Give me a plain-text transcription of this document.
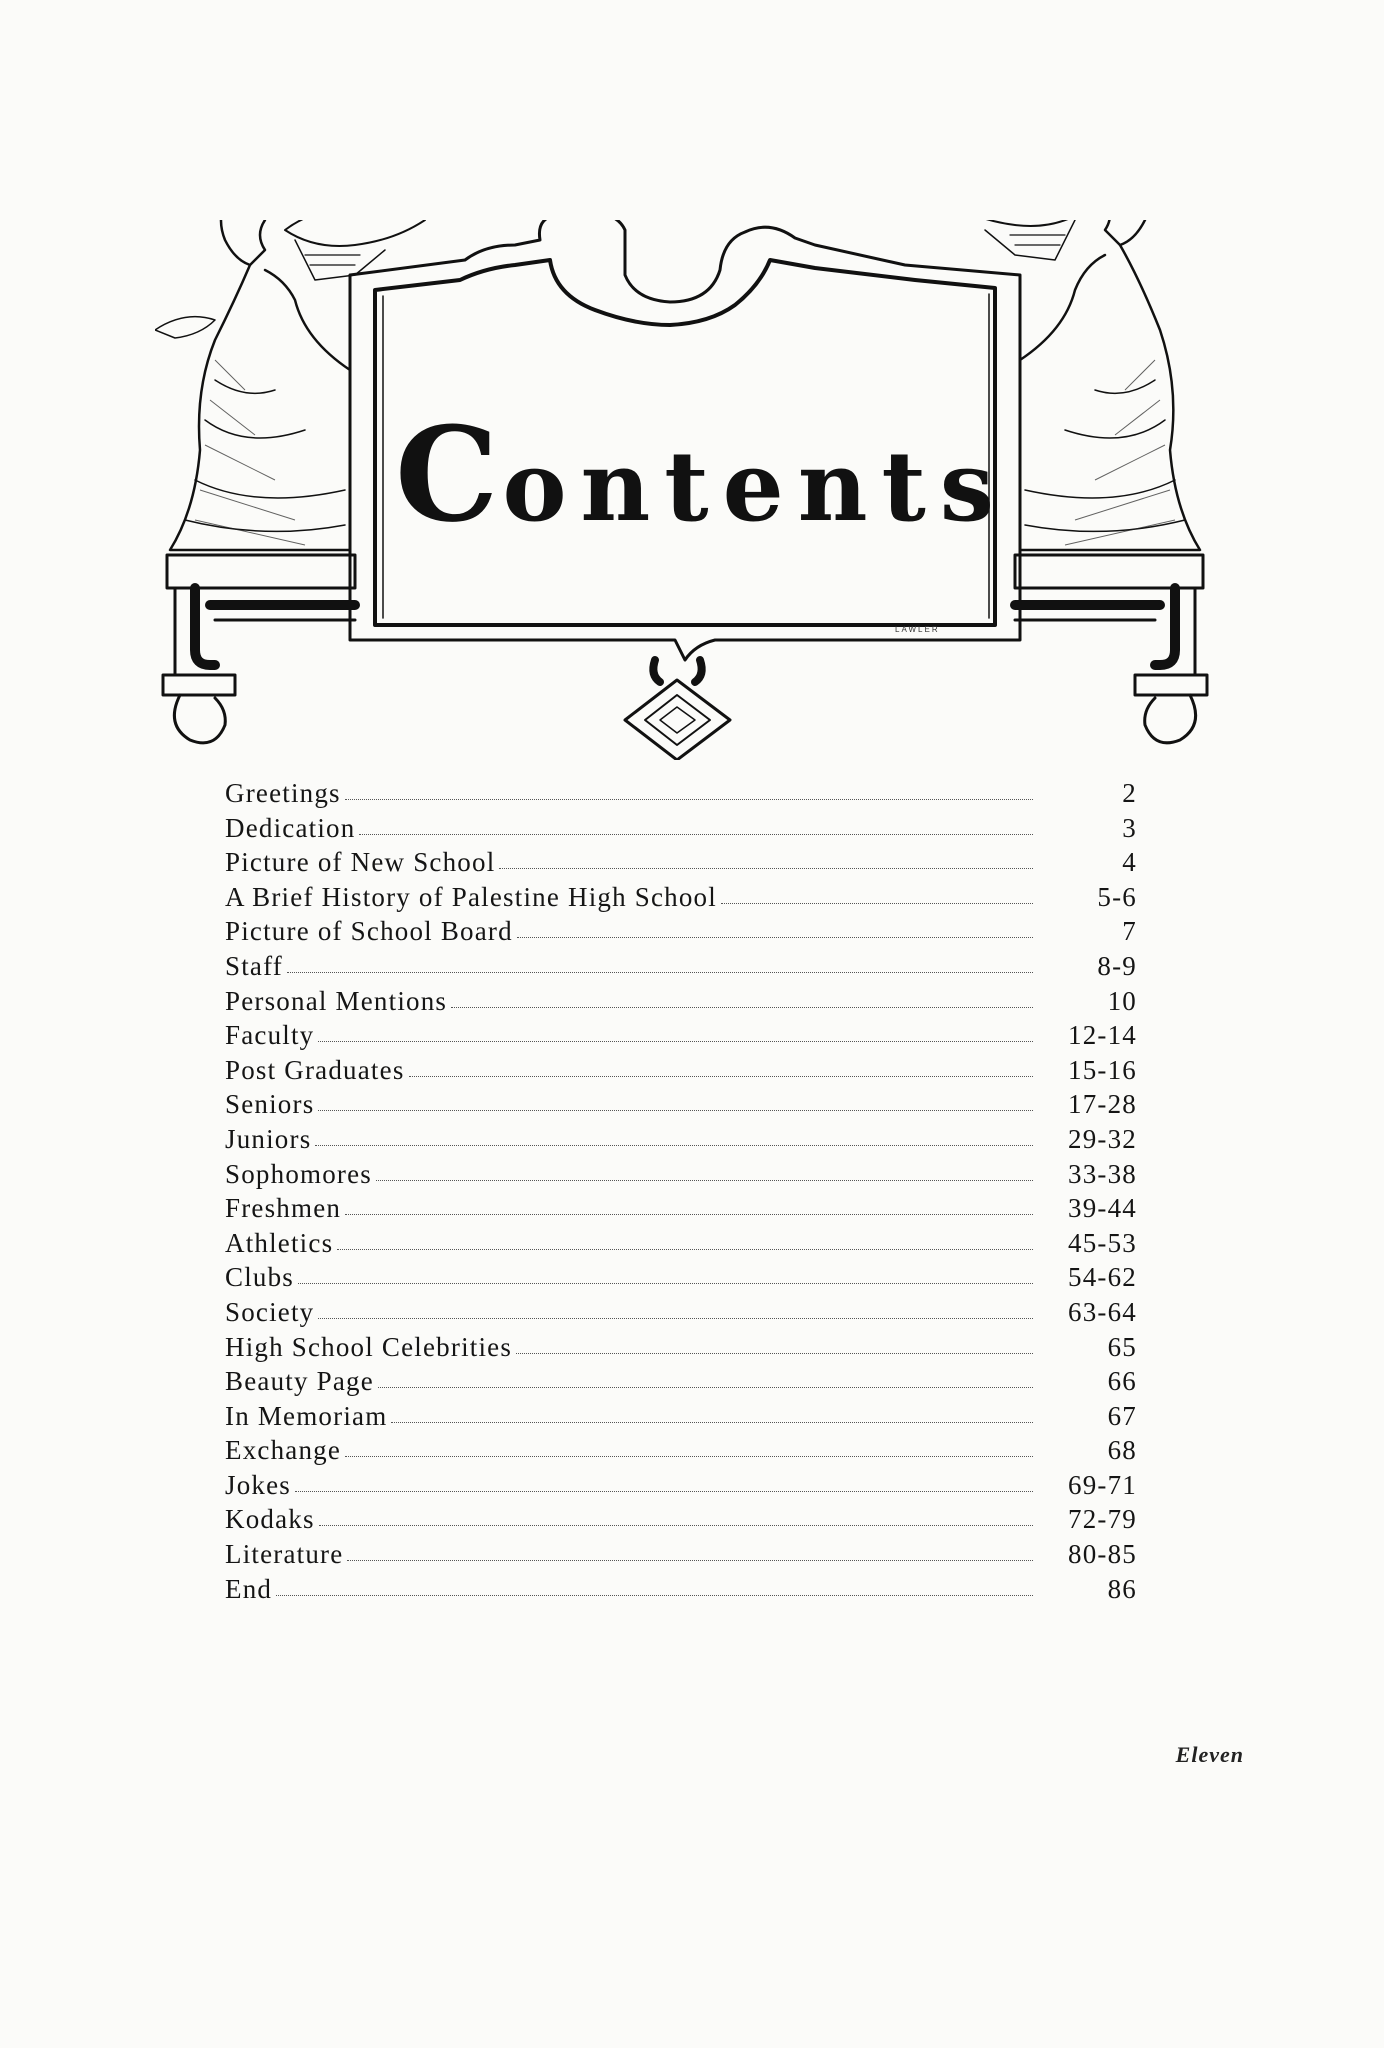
Contents
LAWLER
Greetings	2
Dedication	3
Picture of New School	4
A Brief History of Palestine High School	5-6
Picture of School Board	7
Staff	8-9
Personal Mentions	10
Faculty	12-14
Post Graduates	15-16
Seniors	17-28
Juniors	29-32
Sophomores	33-38
Freshmen	39-44
Athletics	45-53
Clubs	54-62
Society	63-64
High School Celebrities	65
Beauty Page	66
In Memoriam	67
Exchange	68
Jokes	69-71
Kodaks	72-79
Literature	80-85
End	86
Eleven
